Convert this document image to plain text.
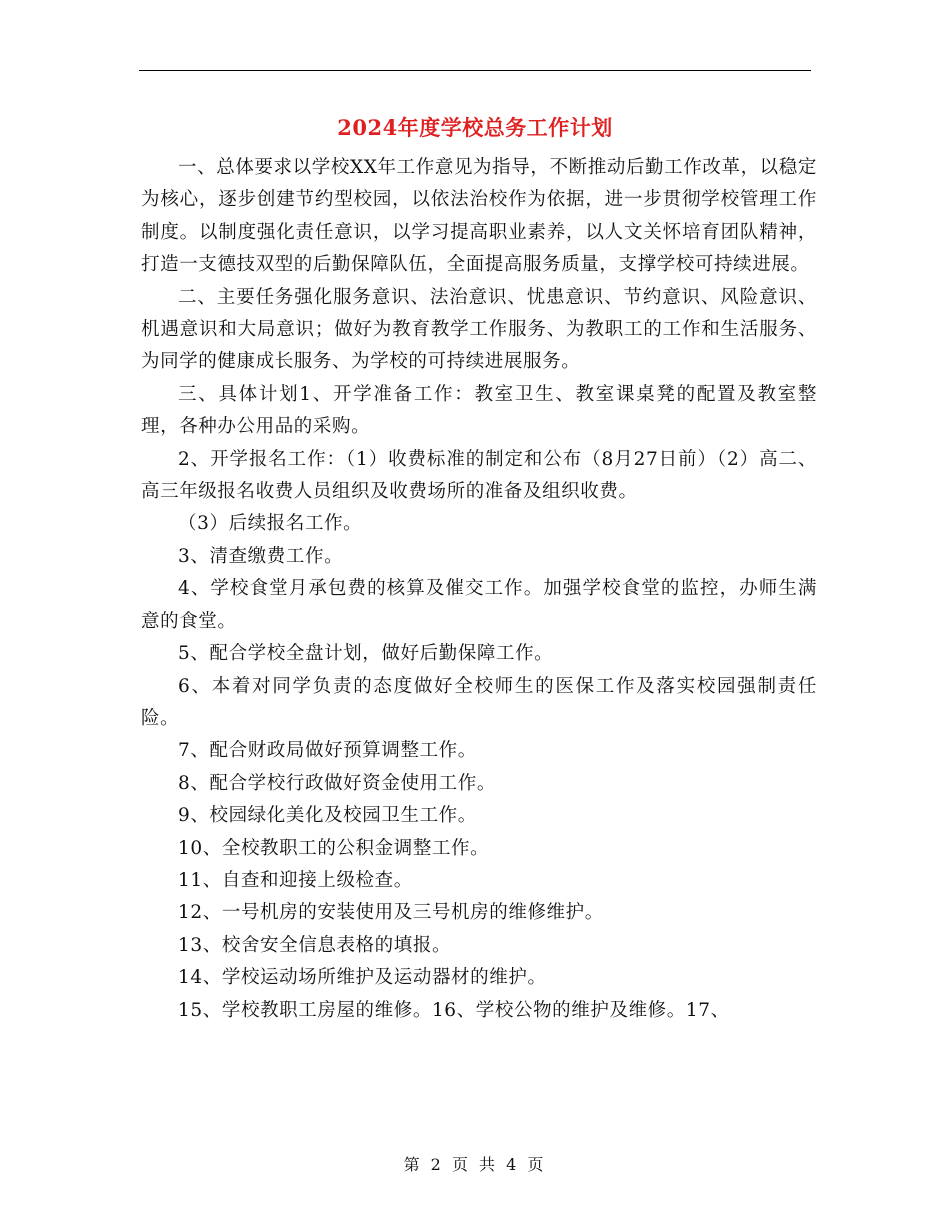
2024年度学校总务工作计划

一、总体要求以学校XX年工作意见为指导，不断推动后勤工作改革，以稳定为核心，逐步创建节约型校园，以依法治校作为依据，进一步贯彻学校管理工作制度。以制度强化责任意识，以学习提高职业素养，以人文关怀培育团队精神，打造一支德技双型的后勤保障队伍，全面提高服务质量，支撑学校可持续进展。

二、主要任务强化服务意识、法治意识、忧患意识、节约意识、风险意识、机遇意识和大局意识；做好为教育教学工作服务、为教职工的工作和生活服务、为同学的健康成长服务、为学校的可持续进展服务。

三、具体计划1、开学准备工作：教室卫生、教室课桌凳的配置及教室整理，各种办公用品的采购。

2、开学报名工作：（1）收费标准的制定和公布（8月27日前）（2）高二、高三年级报名收费人员组织及收费场所的准备及组织收费。

（3）后续报名工作。

3、清查缴费工作。

4、学校食堂月承包费的核算及催交工作。加强学校食堂的监控，办师生满意的食堂。

5、配合学校全盘计划，做好后勤保障工作。

6、本着对同学负责的态度做好全校师生的医保工作及落实校园强制责任险。

7、配合财政局做好预算调整工作。

8、配合学校行政做好资金使用工作。

9、校园绿化美化及校园卫生工作。

10、全校教职工的公积金调整工作。

11、自查和迎接上级检查。

12、一号机房的安装使用及三号机房的维修维护。

13、校舍安全信息表格的填报。

14、学校运动场所维护及运动器材的维护。

15、学校教职工房屋的维修。16、学校公物的维护及维修。17、

第 2 页 共 4 页
